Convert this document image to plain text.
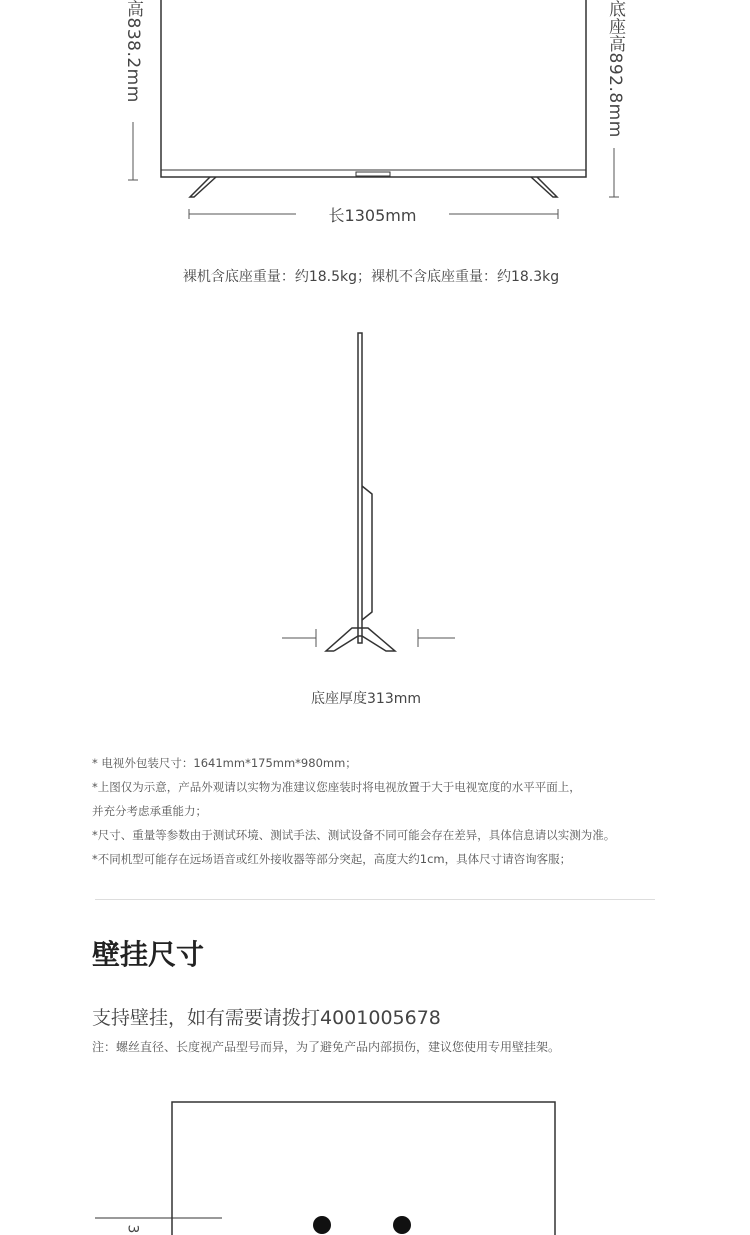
高838.2mm	底座高892.8mm
长1305mm
裸机含底座重量：约18.5kg；裸机不含底座重量：约18.3kg
底座厚度313mm
* 电视外包装尺寸：1641mm*175mm*980mm；
*上图仅为示意，产品外观请以实物为准建议您座装时将电视放置于大于电视宽度的水平平面上，
并充分考虑承重能力；
*尺寸、重量等参数由于测试环境、测试手法、测试设备不同可能会存在差异，具体信息请以实测为准。
*不同机型可能存在远场语音或红外接收器等部分突起，高度大约1cm，具体尺寸请咨询客服；
壁挂尺寸
支持壁挂，如有需要请拨打4001005678
注：螺丝直径、长度视产品型号而异，为了避免产品内部损伤，建议您使用专用壁挂架。
3
